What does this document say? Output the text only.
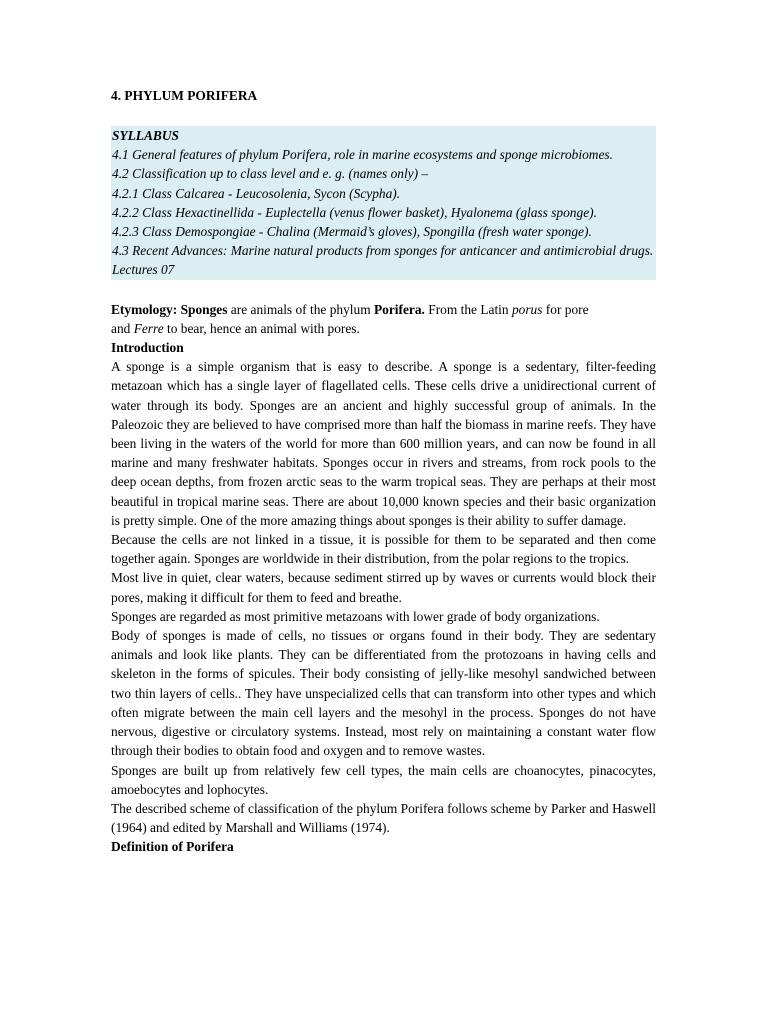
4. PHYLUM PORIFERA
SYLLABUS
4.1 General features of phylum Porifera, role in marine ecosystems and sponge microbiomes.
4.2 Classification up to class level and e. g. (names only) –
4.2.1 Class Calcarea - Leucosolenia, Sycon (Scypha).
4.2.2 Class Hexactinellida - Euplectella (venus flower basket), Hyalonema (glass sponge).
4.2.3 Class Demospongiae - Chalina (Mermaid’s gloves), Spongilla (fresh water sponge).
4.3 Recent Advances: Marine natural products from sponges for anticancer and antimicrobial drugs.
Lectures 07

Etymology: Sponges are animals of the phylum Porifera. From the Latin porus for pore
and Ferre to bear, hence an animal with pores.

Introduction

A sponge is a simple organism that is easy to describe. A sponge is a sedentary, filter-feeding metazoan which has a single layer of flagellated cells. These cells drive a unidirectional current of water through its body. Sponges are an ancient and highly successful group of animals. In the Paleozoic they are believed to have comprised more than half the biomass in marine reefs. They have been living in the waters of the world for more than 600 million years, and can now be found in all marine and many freshwater habitats. Sponges occur in rivers and streams, from rock pools to the deep ocean depths, from frozen arctic seas to the warm tropical seas. They are perhaps at their most beautiful in tropical marine seas. There are about 10,000 known species and their basic organization is pretty simple. One of the more amazing things about sponges is their ability to suffer damage.

Because the cells are not linked in a tissue, it is possible for them to be separated and then come together again. Sponges are worldwide in their distribution, from the polar regions to the tropics.

Most live in quiet, clear waters, because sediment stirred up by waves or currents would block their pores, making it difficult for them to feed and breathe.

Sponges are regarded as most primitive metazoans with lower grade of body organizations.

Body of sponges is made of cells, no tissues or organs found in their body. They are sedentary animals and look like plants. They can be differentiated from the protozoans in having cells and skeleton in the forms of spicules. Their body consisting of jelly-like mesohyl sandwiched between two thin layers of cells.. They have unspecialized cells that can transform into other types and which often migrate between the main cell layers and the mesohyl in the process. Sponges do not have nervous, digestive or circulatory systems. Instead, most rely on maintaining a constant water flow through their bodies to obtain food and oxygen and to remove wastes.

Sponges are built up from relatively few cell types, the main cells are choanocytes, pinacocytes, amoebocytes and lophocytes.

The described scheme of classification of the phylum Porifera follows scheme by Parker and Haswell (1964) and edited by Marshall and Williams (1974).

Definition of Porifera
